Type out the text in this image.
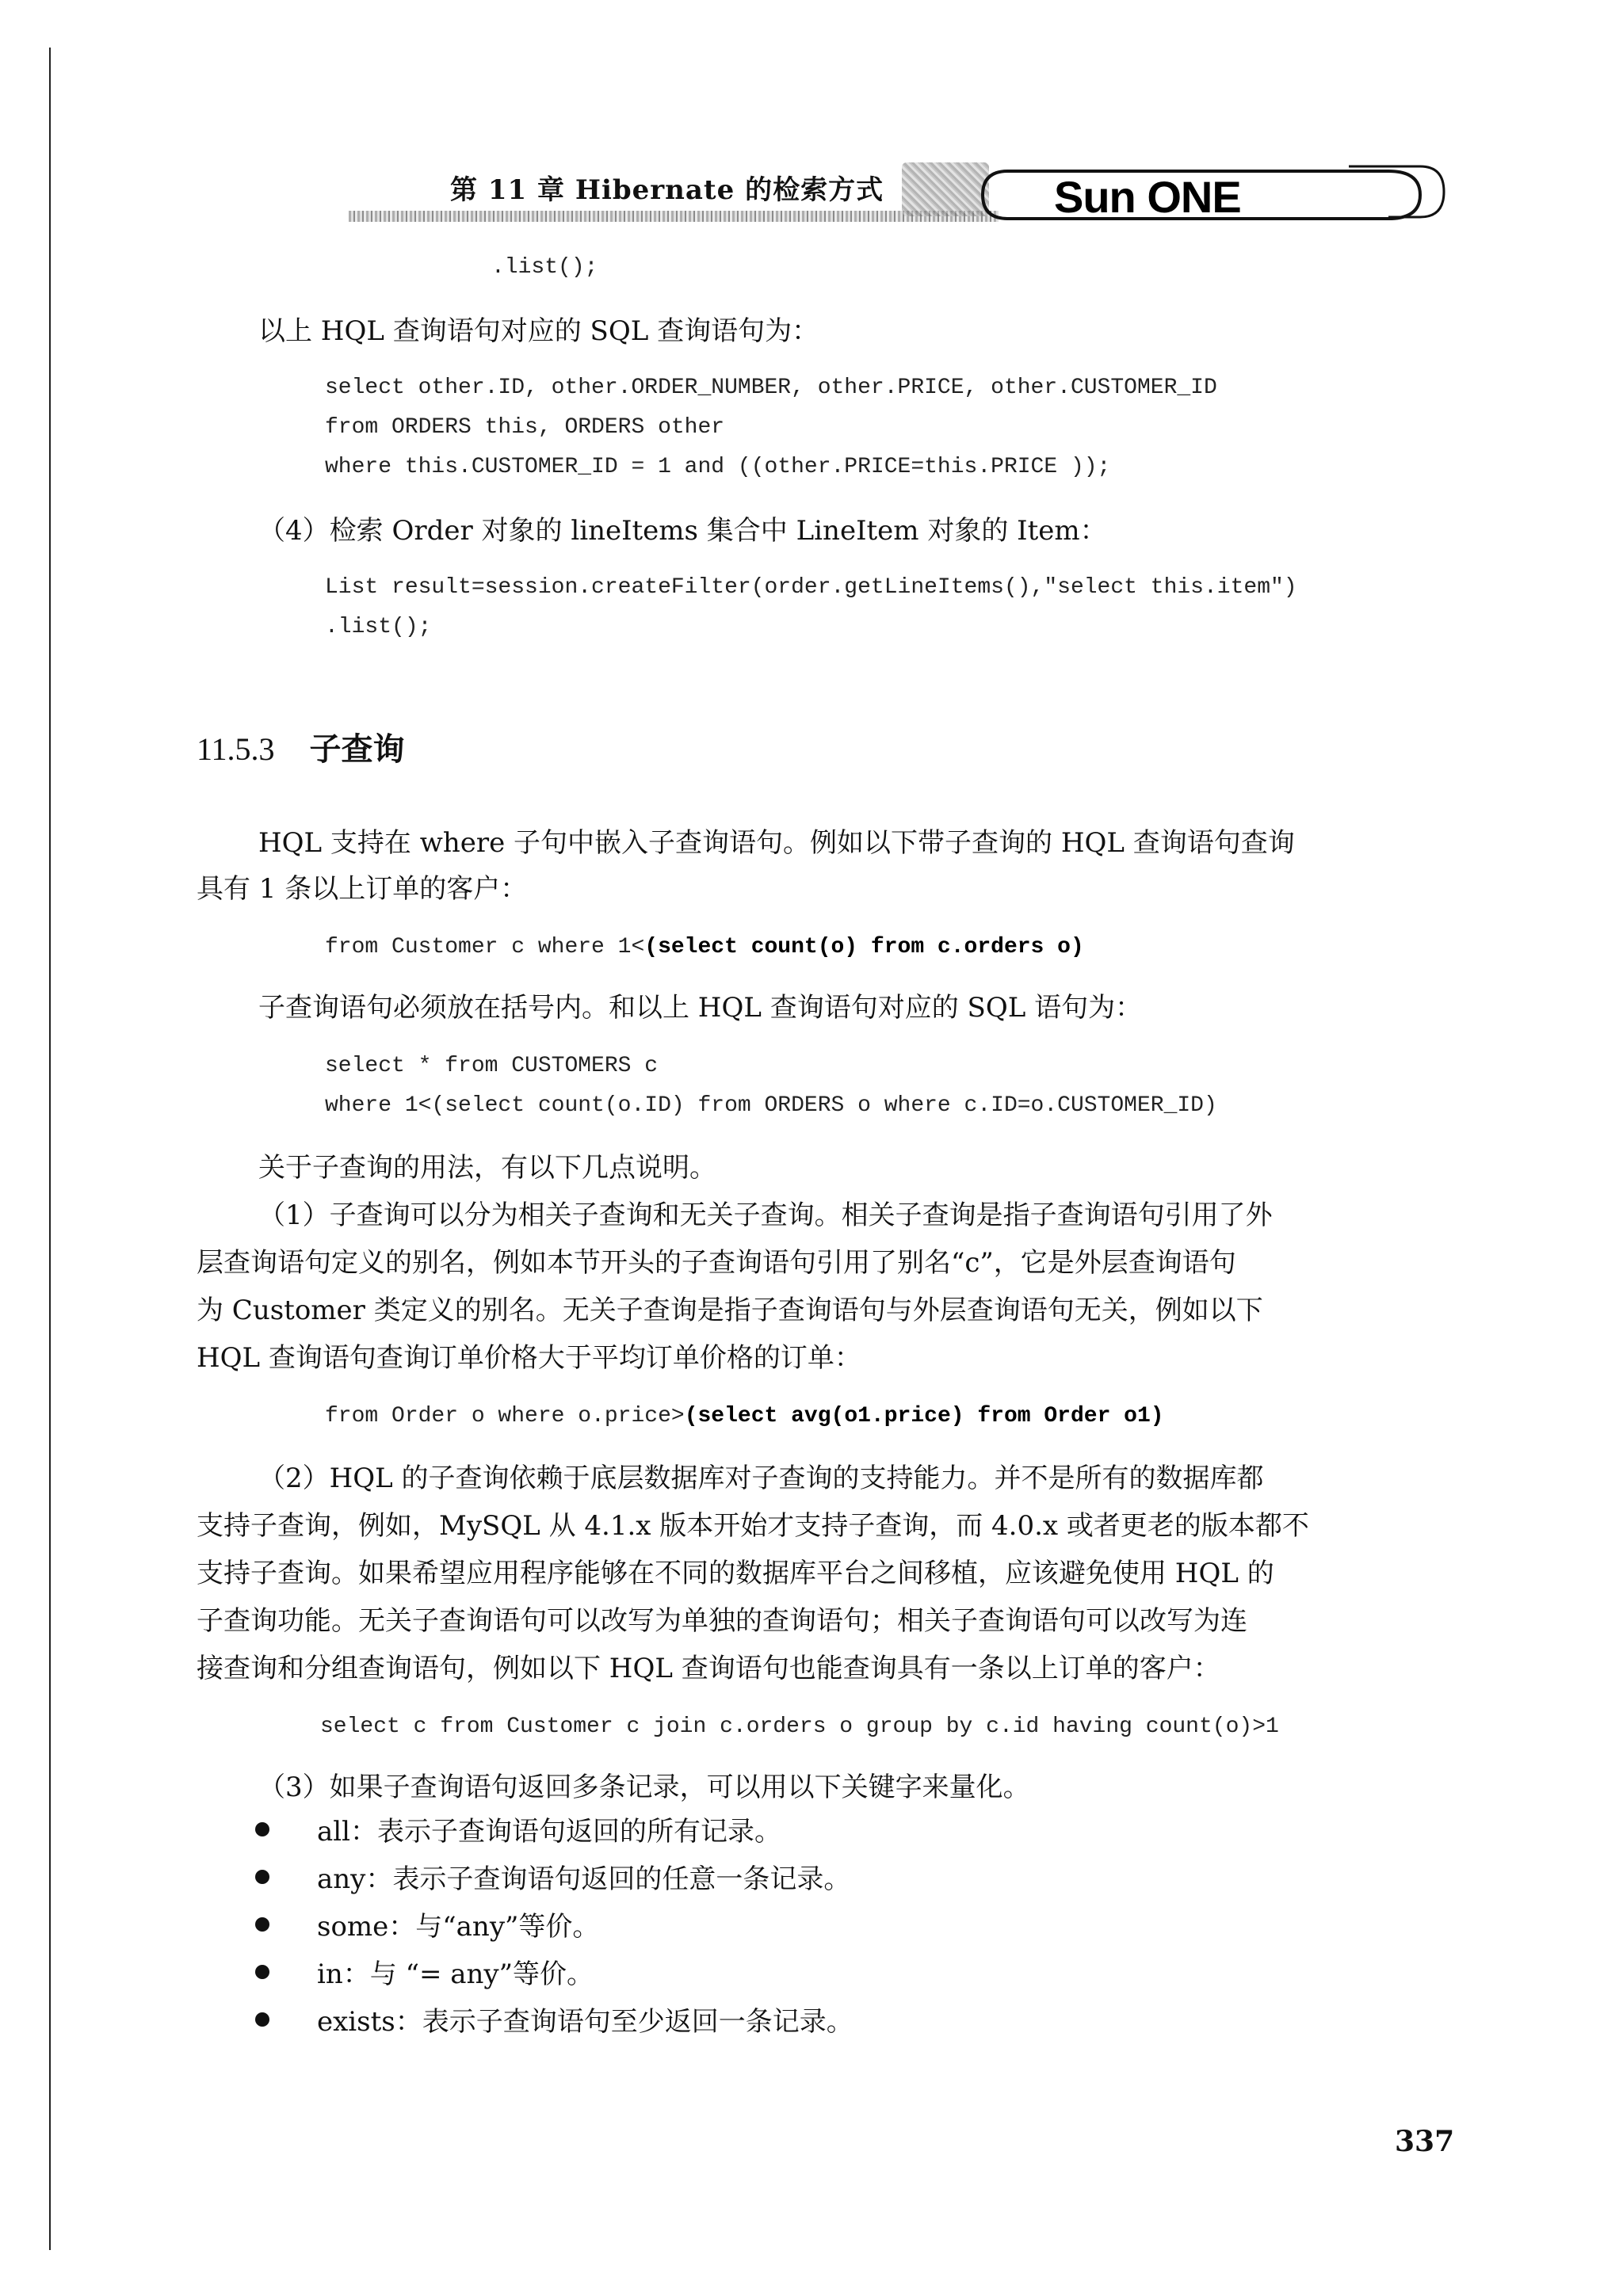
第 11 章 Hibernate 的检索方式	Sun ONE
.list();
以上 HQL 查询语句对应的 SQL 查询语句为：
select other.ID, other.ORDER_NUMBER, other.PRICE, other.CUSTOMER_ID
from ORDERS this, ORDERS other
where this.CUSTOMER_ID = 1 and ((other.PRICE=this.PRICE ));
（4）检索 Order 对象的 lineItems 集合中 LineItem 对象的 Item：
List result=session.createFilter(order.getLineItems(),"select this.item")
.list();
11.5.3 子查询
HQL 支持在 where 子句中嵌入子查询语句。例如以下带子查询的 HQL 查询语句查询
具有 1 条以上订单的客户：
from Customer c where 1<(select count(o) from c.orders o)
子查询语句必须放在括号内。和以上 HQL 查询语句对应的 SQL 语句为：
select * from CUSTOMERS c
where 1<(select count(o.ID) from ORDERS o where c.ID=o.CUSTOMER_ID)
关于子查询的用法，有以下几点说明。
（1）子查询可以分为相关子查询和无关子查询。相关子查询是指子查询语句引用了外
层查询语句定义的别名，例如本节开头的子查询语句引用了别名“c”，它是外层查询语句
为 Customer 类定义的别名。无关子查询是指子查询语句与外层查询语句无关，例如以下
HQL 查询语句查询订单价格大于平均订单价格的订单：
from Order o where o.price>(select avg(o1.price) from Order o1)
（2）HQL 的子查询依赖于底层数据库对子查询的支持能力。并不是所有的数据库都
支持子查询，例如，MySQL 从 4.1.x 版本开始才支持子查询，而 4.0.x 或者更老的版本都不
支持子查询。如果希望应用程序能够在不同的数据库平台之间移植，应该避免使用 HQL 的
子查询功能。无关子查询语句可以改写为单独的查询语句；相关子查询语句可以改写为连
接查询和分组查询语句，例如以下 HQL 查询语句也能查询具有一条以上订单的客户：
select c from Customer c join c.orders o group by c.id having count(o)>1
（3）如果子查询语句返回多条记录，可以用以下关键字来量化。
all：表示子查询语句返回的所有记录。
any：表示子查询语句返回的任意一条记录。
some：与“any”等价。
in：与 “= any”等价。
exists：表示子查询语句至少返回一条记录。
337
